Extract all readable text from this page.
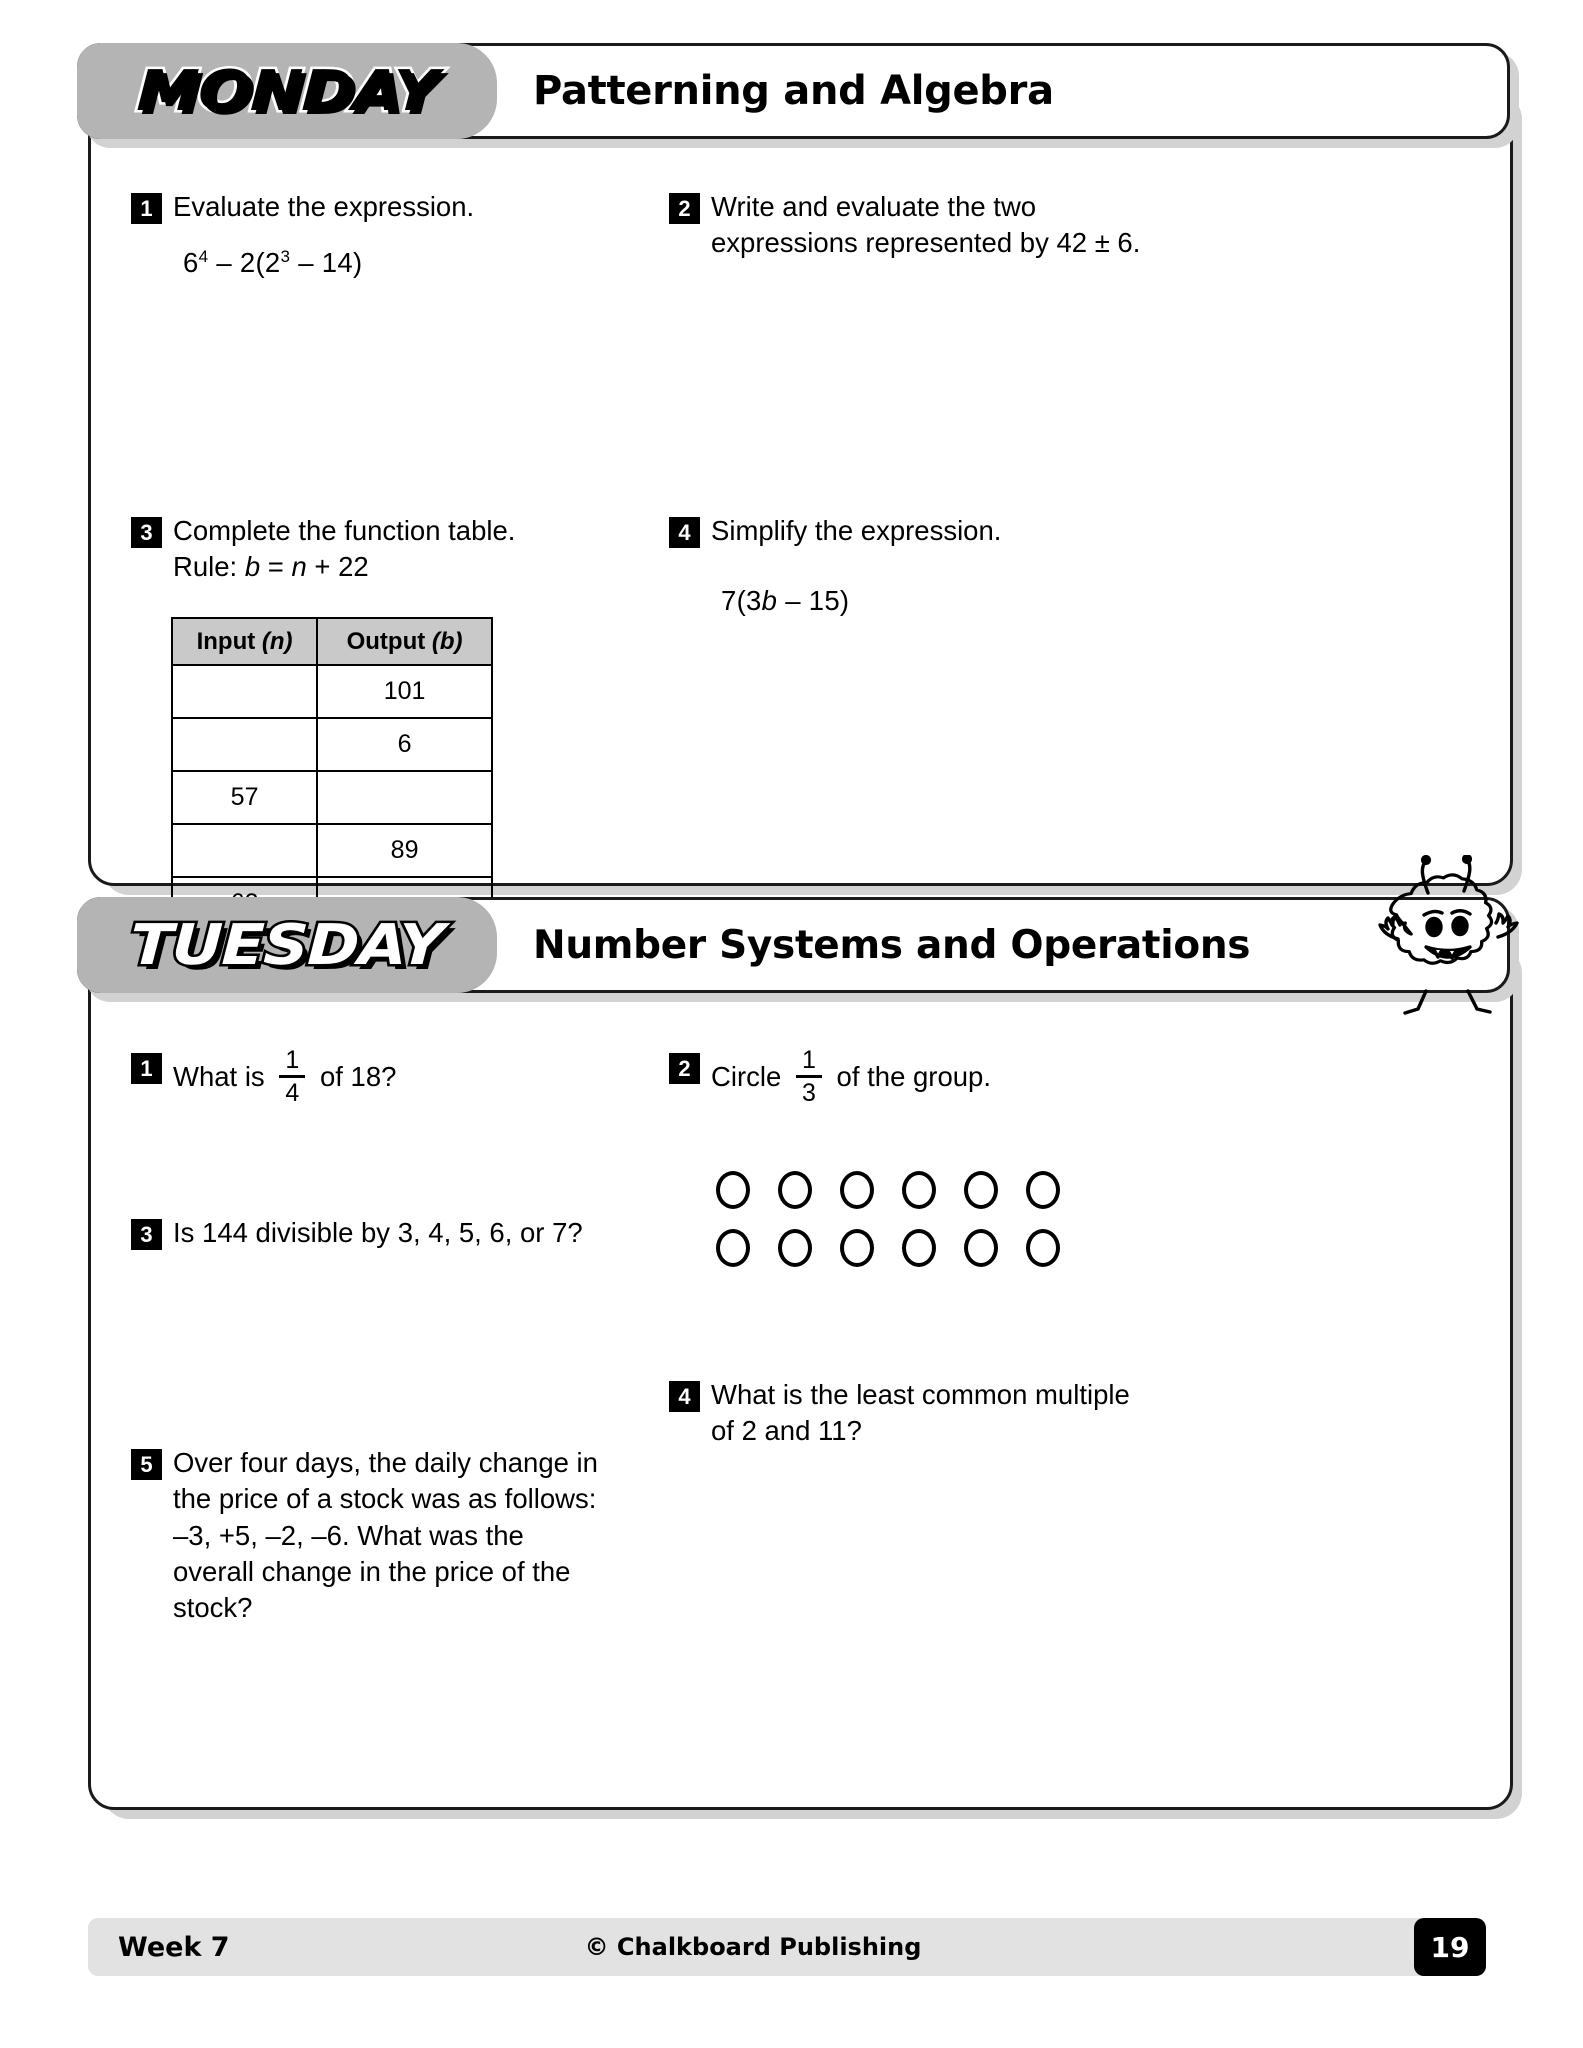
MONDAY	Patterning and Algebra
1 Evaluate the expression.
$6^4 - 2(2^3 - 14)$
2 Write and evaluate the two expressions represented by 42 ± 6.
3 Complete the function table.
Rule: b = n + 22
Input (n)	Output (b)
	101
	6
57	
	89

4 Simplify the expression.
7(3b – 15)
TUESDAY	Number Systems and Operations
1 What is $\frac{1}{4}$ of 18?	2 Circle $\frac{1}{3}$ of the group.
3 Is 144 divisible by 3, 4, 5, 6, or 7?
4 What is the least common multiple of 2 and 11?
5 Over four days, the daily change in the price of a stock was as follows: –3, +5, –2, –6. What was the overall change in the price of the stock?
Week 7	© Chalkboard Publishing	19
